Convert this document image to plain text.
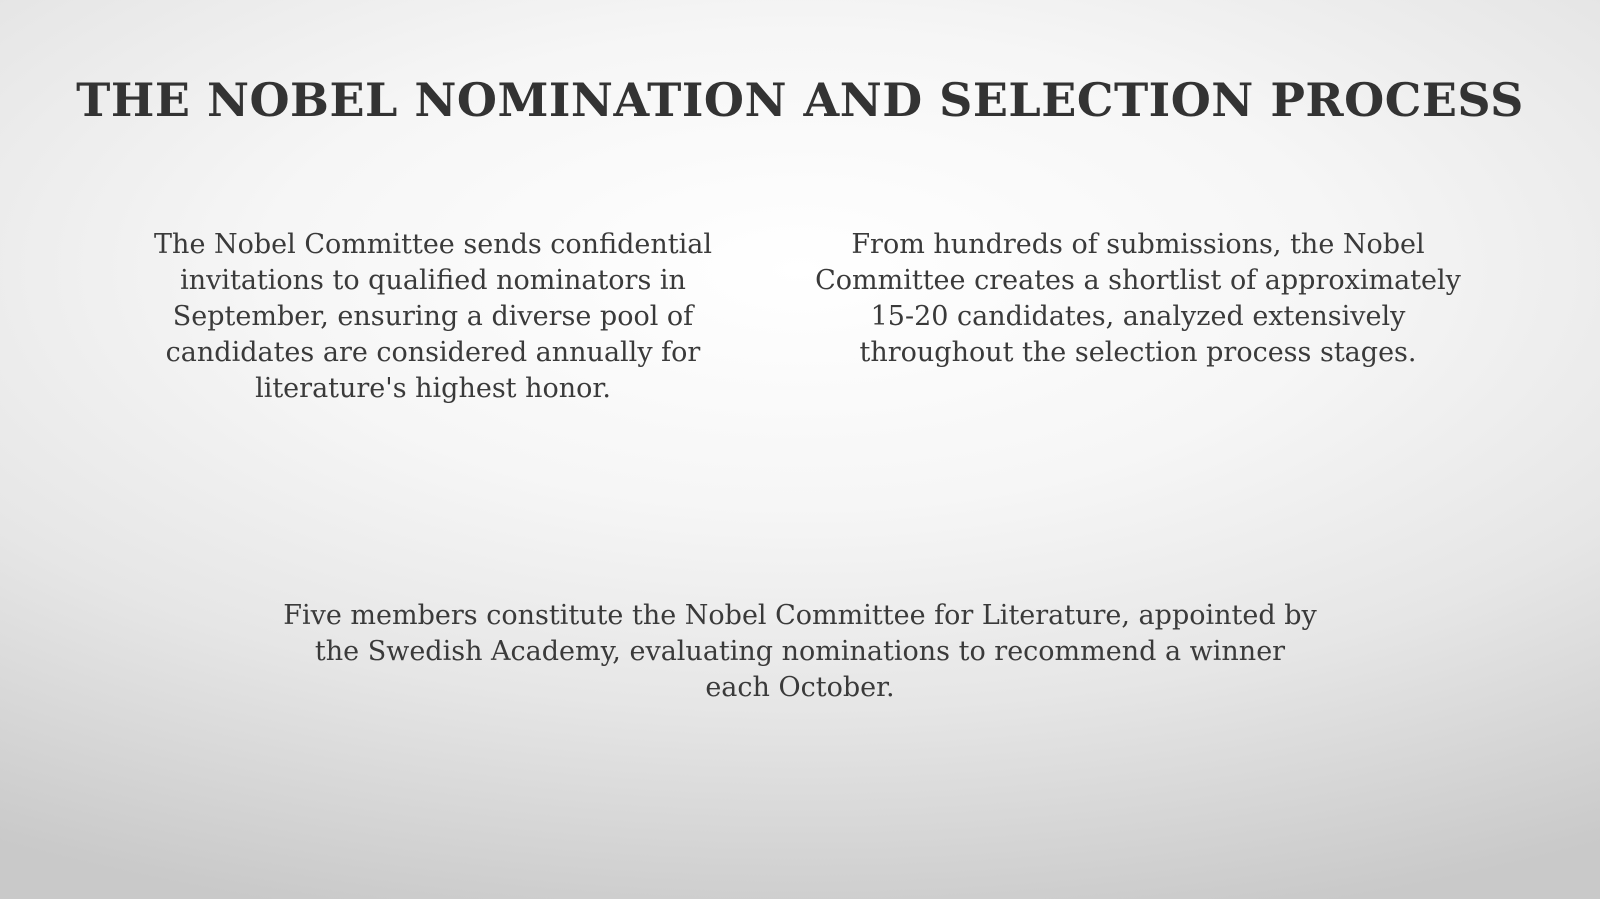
THE NOBEL NOMINATION AND SELECTION PROCESS

The Nobel Committee sends confidential invitations to qualified nominators in September, ensuring a diverse pool of candidates are considered annually for literature's highest honor.

From hundreds of submissions, the Nobel Committee creates a shortlist of approximately 15-20 candidates, analyzed extensively throughout the selection process stages.

Five members constitute the Nobel Committee for Literature, appointed by the Swedish Academy, evaluating nominations to recommend a winner each October.
